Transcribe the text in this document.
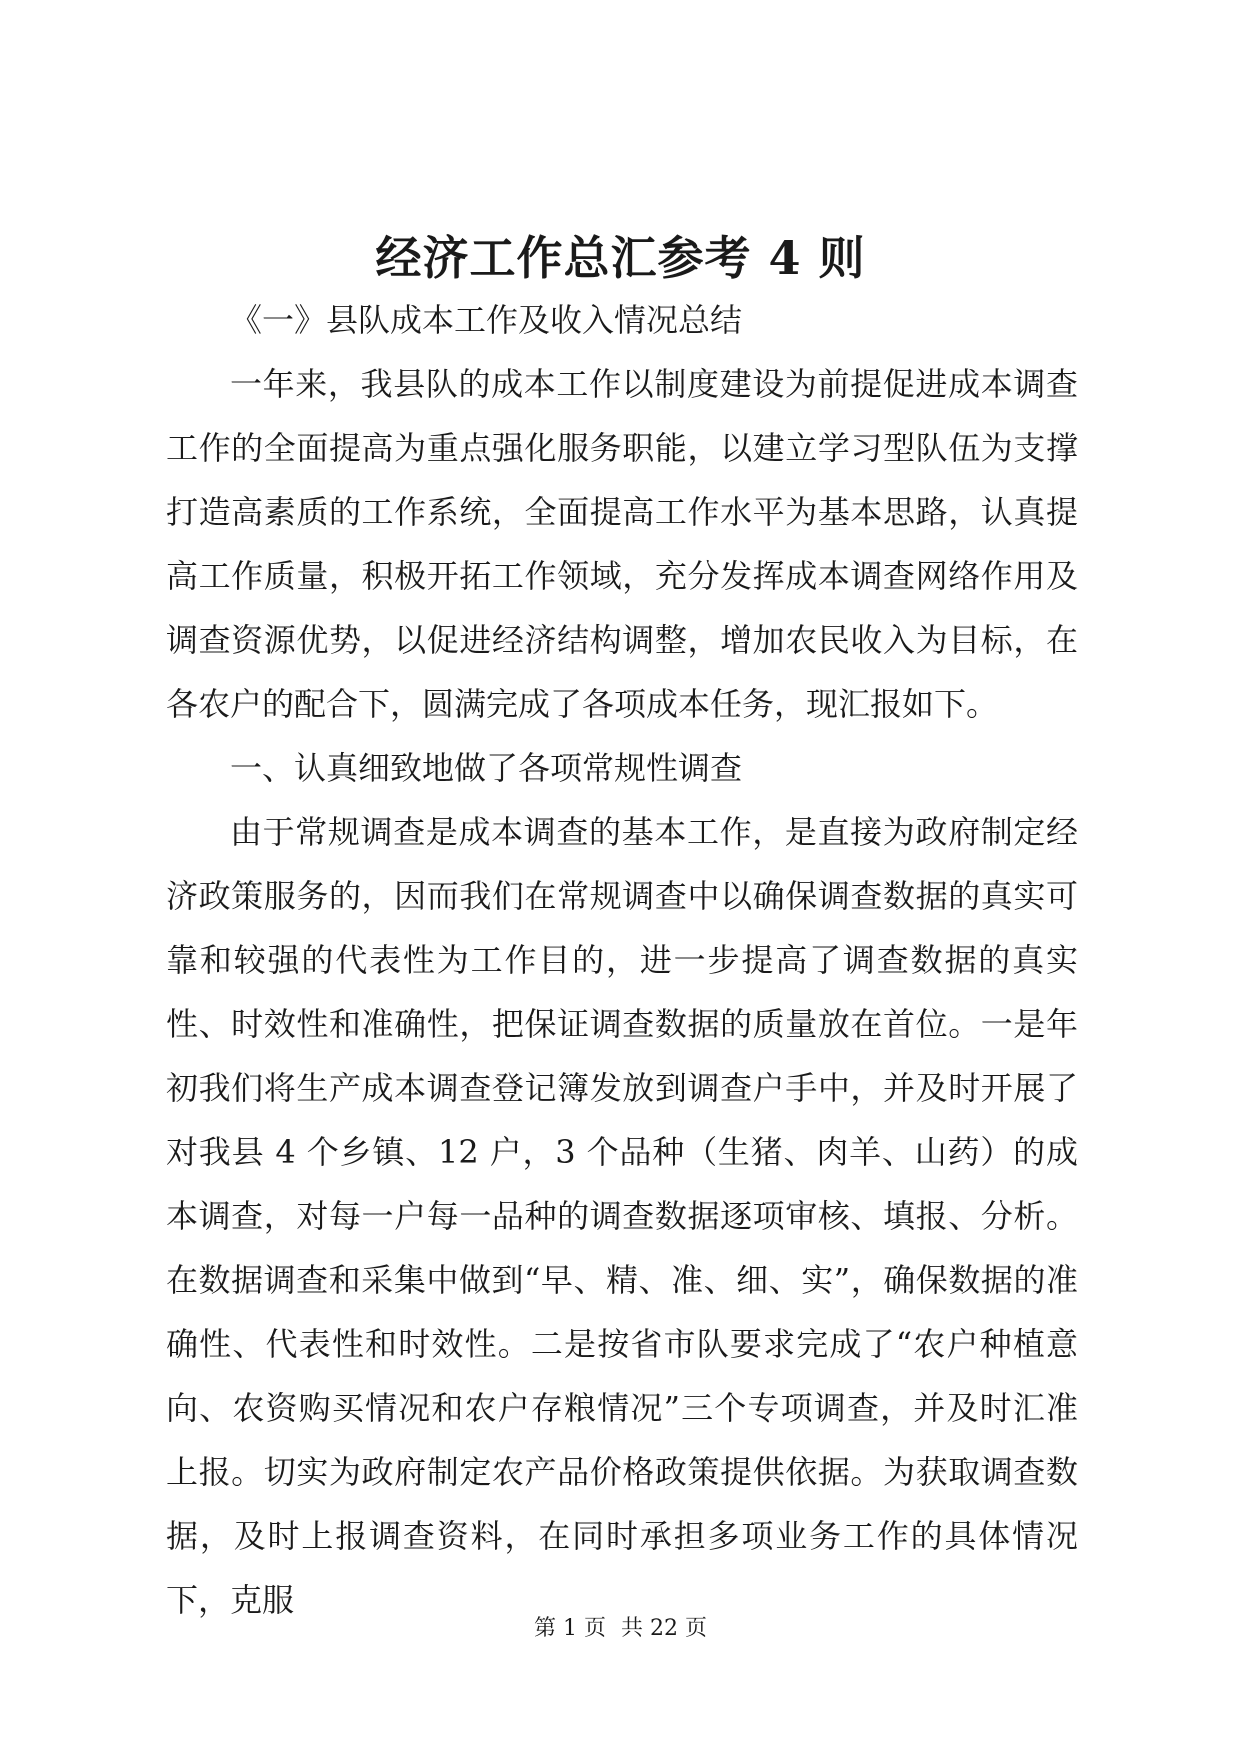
经济工作总汇参考 4 则

《一》县队成本工作及收入情况总结

一年来，我县队的成本工作以制度建设为前提促进成本调查工作的全面提高为重点强化服务职能，以建立学习型队伍为支撑打造高素质的工作系统，全面提高工作水平为基本思路，认真提高工作质量，积极开拓工作领域，充分发挥成本调查网络作用及调查资源优势，以促进经济结构调整，增加农民收入为目标，在各农户的配合下，圆满完成了各项成本任务，现汇报如下。

一、认真细致地做了各项常规性调查

由于常规调查是成本调查的基本工作，是直接为政府制定经济政策服务的，因而我们在常规调查中以确保调查数据的真实可靠和较强的代表性为工作目的，进一步提高了调查数据的真实性、时效性和准确性，把保证调查数据的质量放在首位。一是年初我们将生产成本调查登记簿发放到调查户手中，并及时开展了对我县 4 个乡镇、12 户，3 个品种（生猪、肉羊、山药）的成本调查，对每一户每一品种的调查数据逐项审核、填报、分析。在数据调查和采集中做到“早、精、准、细、实”，确保数据的准确性、代表性和时效性。二是按省市队要求完成了“农户种植意向、农资购买情况和农户存粮情况”三个专项调查，并及时汇准上报。切实为政府制定农产品价格政策提供依据。为获取调查数据，及时上报调查资料，在同时承担多项业务工作的具体情况下，克服

第 1 页 共 22 页
